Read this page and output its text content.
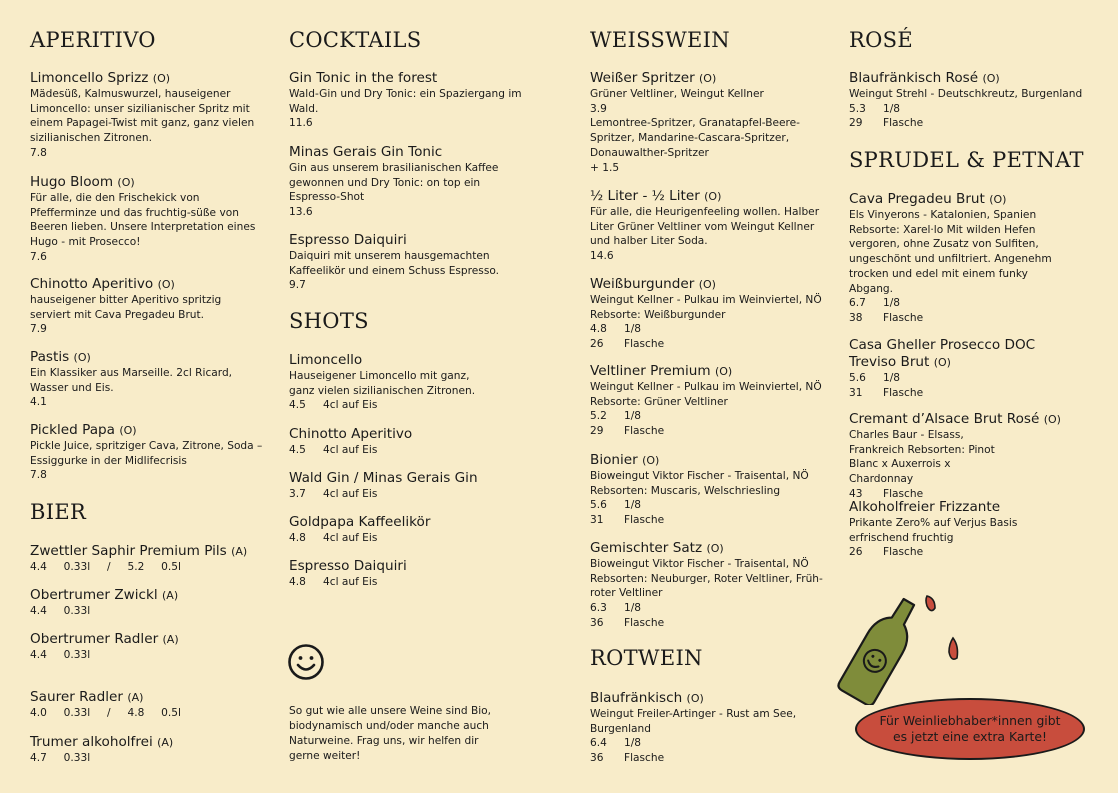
APERITIVO
Limoncello Sprizz (O)
Mädesüß, Kalmuswurzel, hauseigener Limoncello: unser sizilianischer Spritz mit einem Papagei-Twist mit ganz, ganz vielen sizilianischen Zitronen.
7.8
Hugo Bloom (O)
Für alle, die den Frischekick von Pfefferminze und das fruchtig-süße von Beeren lieben. Unsere Interpretation eines Hugo - mit Prosecco!
7.6
Chinotto Aperitivo (O)
hauseigener bitter Aperitivo spritzig serviert mit Cava Pregadeu Brut.
7.9
Pastis (O)
Ein Klassiker aus Marseille. 2cl Ricard, Wasser und Eis.
4.1
Pickled Papa (O)
Pickle Juice, spritziger Cava, Zitrone, Soda – Essiggurke in der Midlifecrisis
7.8
BIER
Zwettler Saphir Premium Pils (A)
4.4     0.33l     /     5.2     0.5l
Obertrumer Zwickl (A)
4.4     0.33l
Obertrumer Radler (A)
4.4     0.33l
Saurer Radler (A)
4.0     0.33l     /     4.8     0.5l
Trumer alkoholfrei (A)
4.7     0.33l
COCKTAILS
Gin Tonic in the forest
Wald-Gin und Dry Tonic: ein Spaziergang im Wald.
11.6
Minas Gerais Gin Tonic
Gin aus unserem brasilianischen Kaffee gewonnen und Dry Tonic: on top ein Espresso-Shot
13.6
Espresso Daiquiri
Daiquiri mit unserem hausgemachten Kaffeelikör und einem Schuss Espresso.
9.7
SHOTS
Limoncello
Hauseigener Limoncello mit ganz, ganz vielen sizilianischen Zitronen.
4.5	4cl auf Eis
Chinotto Aperitivo
4.5	4cl auf Eis
Wald Gin / Minas Gerais Gin
3.7	4cl auf Eis
Goldpapa Kaffeelikör
4.8	4cl auf Eis
Espresso Daiquiri
4.8	4cl auf Eis
So gut wie alle unsere Weine sind Bio, biodynamisch und/oder manche auch Naturweine. Frag uns, wir helfen dir gerne weiter!
WEISSWEIN
Weißer Spritzer (O)
Grüner Veltliner, Weingut Kellner
3.9
Lemontree-Spritzer, Granatapfel-Beere-Spritzer, Mandarine-Cascara-Spritzer, Donauwalther-Spritzer
+ 1.5
½ Liter - ½ Liter (O)
Für alle, die Heurigenfeeling wollen. Halber Liter Grüner Veltliner vom Weingut Kellner und halber Liter Soda.
14.6
Weißburgunder (O)
Weingut Kellner - Pulkau im Weinviertel, NÖ
Rebsorte: Weißburgunder
4.8	1/8
26	Flasche
Veltliner Premium (O)
Weingut Kellner - Pulkau im Weinviertel, NÖ
Rebsorte: Grüner Veltliner
5.2	1/8
29	Flasche
Bionier (O)
Bioweingut Viktor Fischer - Traisental, NÖ
Rebsorten: Muscaris, Welschriesling
5.6	1/8
31	Flasche
Gemischter Satz (O)
Bioweingut Viktor Fischer - Traisental, NÖ
Rebsorten: Neuburger, Roter Veltliner, Früh-roter Veltliner
6.3	1/8
36	Flasche
ROTWEIN
Blaufränkisch (O)
Weingut Freiler-Artinger - Rust am See, Burgenland
6.4	1/8
36	Flasche
ROSÉ
Blaufränkisch Rosé (O)
Weingut Strehl - Deutschkreutz, Burgenland
5.3	1/8
29	Flasche
SPRUDEL & PETNAT
Cava Pregadeu Brut (O)
Els Vinyerons - Katalonien, Spanien Rebsorte: Xarel·lo Mit wilden Hefen vergoren, ohne Zusatz von Sulfiten, ungeschönt und unfiltriert. Angenehm trocken und edel mit einem funky Abgang.
6.7	1/8
38	Flasche
Casa Gheller Prosecco DOC Treviso Brut (O)
5.6	1/8
31	Flasche
Cremant d’Alsace Brut Rosé (O)
Charles Baur - Elsass, Frankreich Rebsorten: Pinot Blanc x Auxerrois x Chardonnay
43	Flasche
Alkoholfreier Frizzante
Prikante Zero% auf Verjus Basis erfrischend fruchtig
26	Flasche
Für Weinliebhaber*innen gibt es jetzt eine extra Karte!
